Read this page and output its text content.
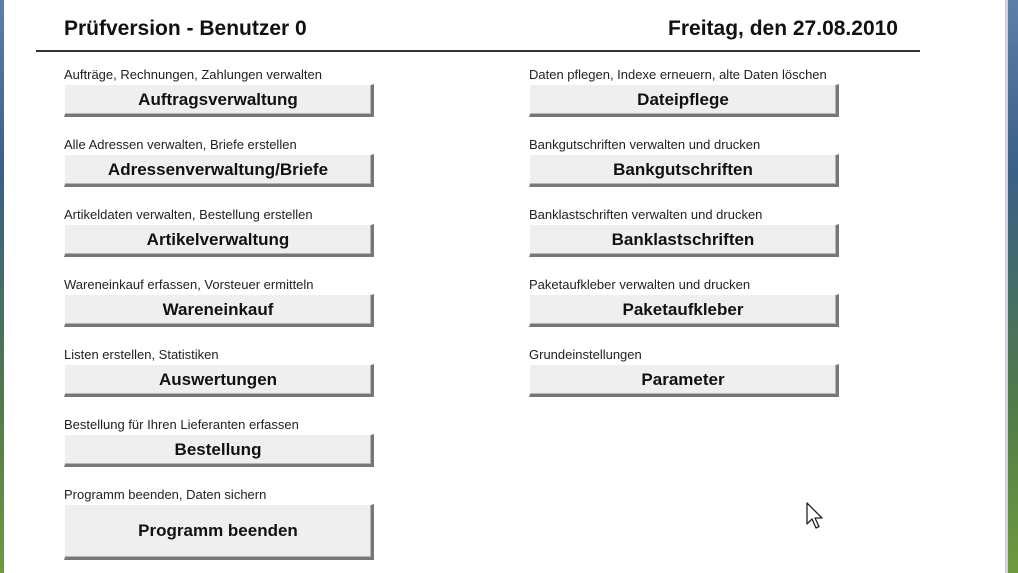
Prüfversion - Benutzer 0	Freitag, den 27.08.2010
Aufträge, Rechnungen, Zahlungen verwalten
Auftragsverwaltung
Alle Adressen verwalten, Briefe erstellen
Adressenverwaltung/Briefe
Artikeldaten verwalten, Bestellung erstellen
Artikelverwaltung
Wareneinkauf erfassen, Vorsteuer ermitteln
Wareneinkauf
Listen erstellen, Statistiken
Auswertungen
Bestellung für Ihren Lieferanten erfassen
Bestellung
Programm beenden, Daten sichern
Programm beenden
Daten pflegen, Indexe erneuern, alte Daten löschen
Dateipflege
Bankgutschriften verwalten und drucken
Bankgutschriften
Banklastschriften verwalten und drucken
Banklastschriften
Paketaufkleber verwalten und drucken
Paketaufkleber
Grundeinstellungen
Parameter
